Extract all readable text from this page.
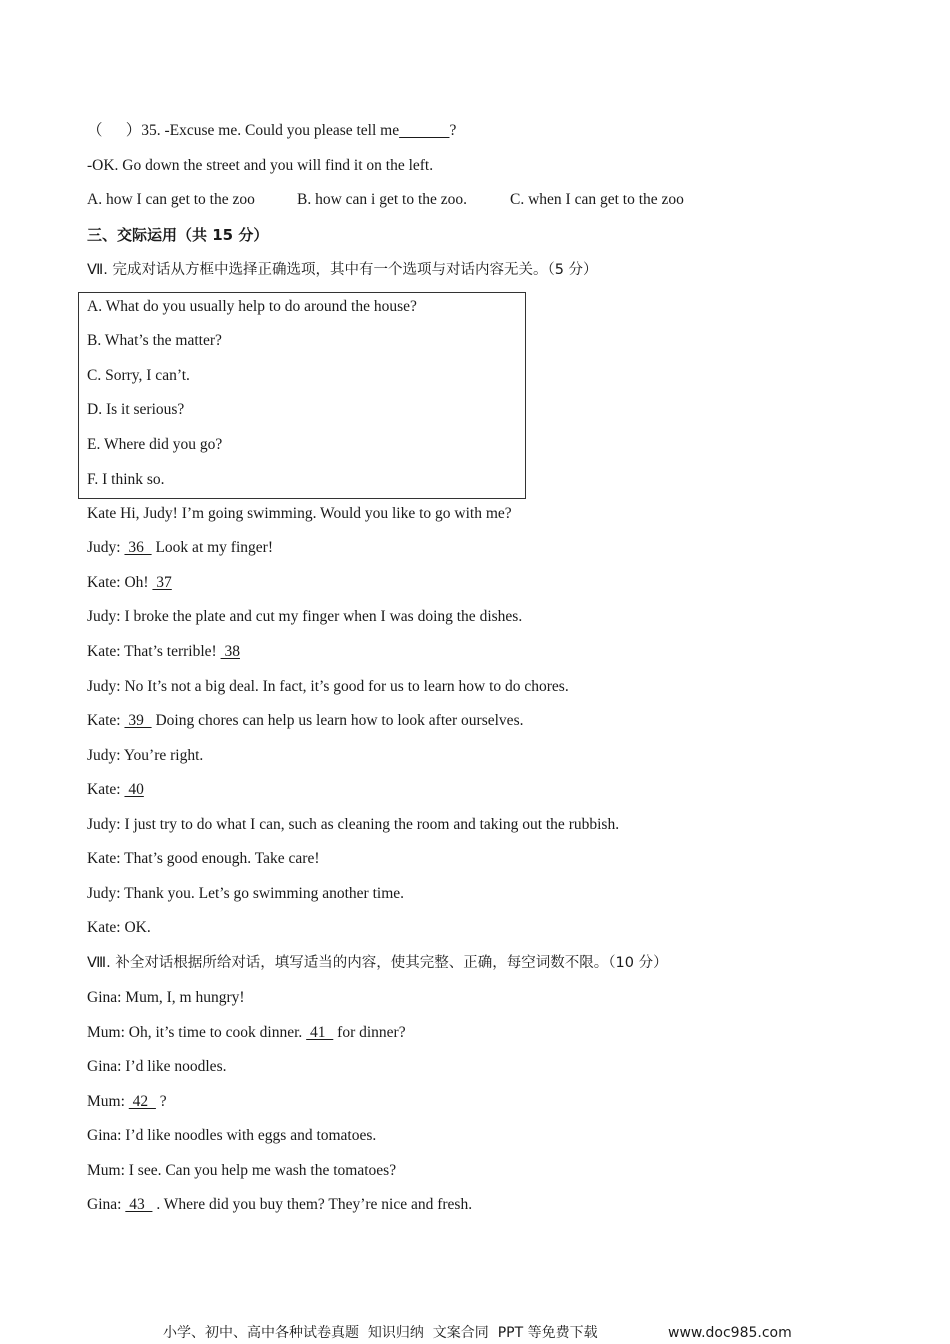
（      ）35. -Excuse me. Could you please tell me	?
-OK. Go down the street and you will find it on the left.
A. how I can get to the zoo	B. how can i get to the zoo.	C. when I can get to the zoo
三、交际运用（共 15 分）
Ⅶ. 完成对话从方框中选择正确选项，其中有一个选项与对话内容无关。（5 分）
A. What do you usually help to do around the house?
B. What’s the matter?
C. Sorry, I can’t.
D. Is it serious?
E. Where did you go?
F. I think so.
Kate Hi, Judy! I’m going swimming. Would you like to go with me?
Judy:  36   Look at my finger!
Kate: Oh!  37
Judy: I broke the plate and cut my finger when I was doing the dishes.
Kate: That’s terrible!  38
Judy: No It’s not a big deal. In fact, it’s good for us to learn how to do chores.
Kate:  39   Doing chores can help us learn how to look after ourselves.
Judy: You’re right.
Kate:  40
Judy: I just try to do what I can, such as cleaning the room and taking out the rubbish.
Kate: That’s good enough. Take care!
Judy: Thank you. Let’s go swimming another time.
Kate: OK.
Ⅷ. 补全对话根据所给对话，填写适当的内容，使其完整、正确，每空词数不限。（10 分）
Gina: Mum, I, m hungry!
Mum: Oh, it’s time to cook dinner.  41   for dinner?
Gina: I’d like noodles.
Mum:  42   ?
Gina: I’d like noodles with eggs and tomatoes.
Mum: I see. Can you help me wash the tomatoes?
Gina:  43   . Where did you buy them? They’re nice and fresh.
小学、初中、高中各种试卷真题  知识归纳  文案合同  PPT 等免费下载	www.doc985.com
